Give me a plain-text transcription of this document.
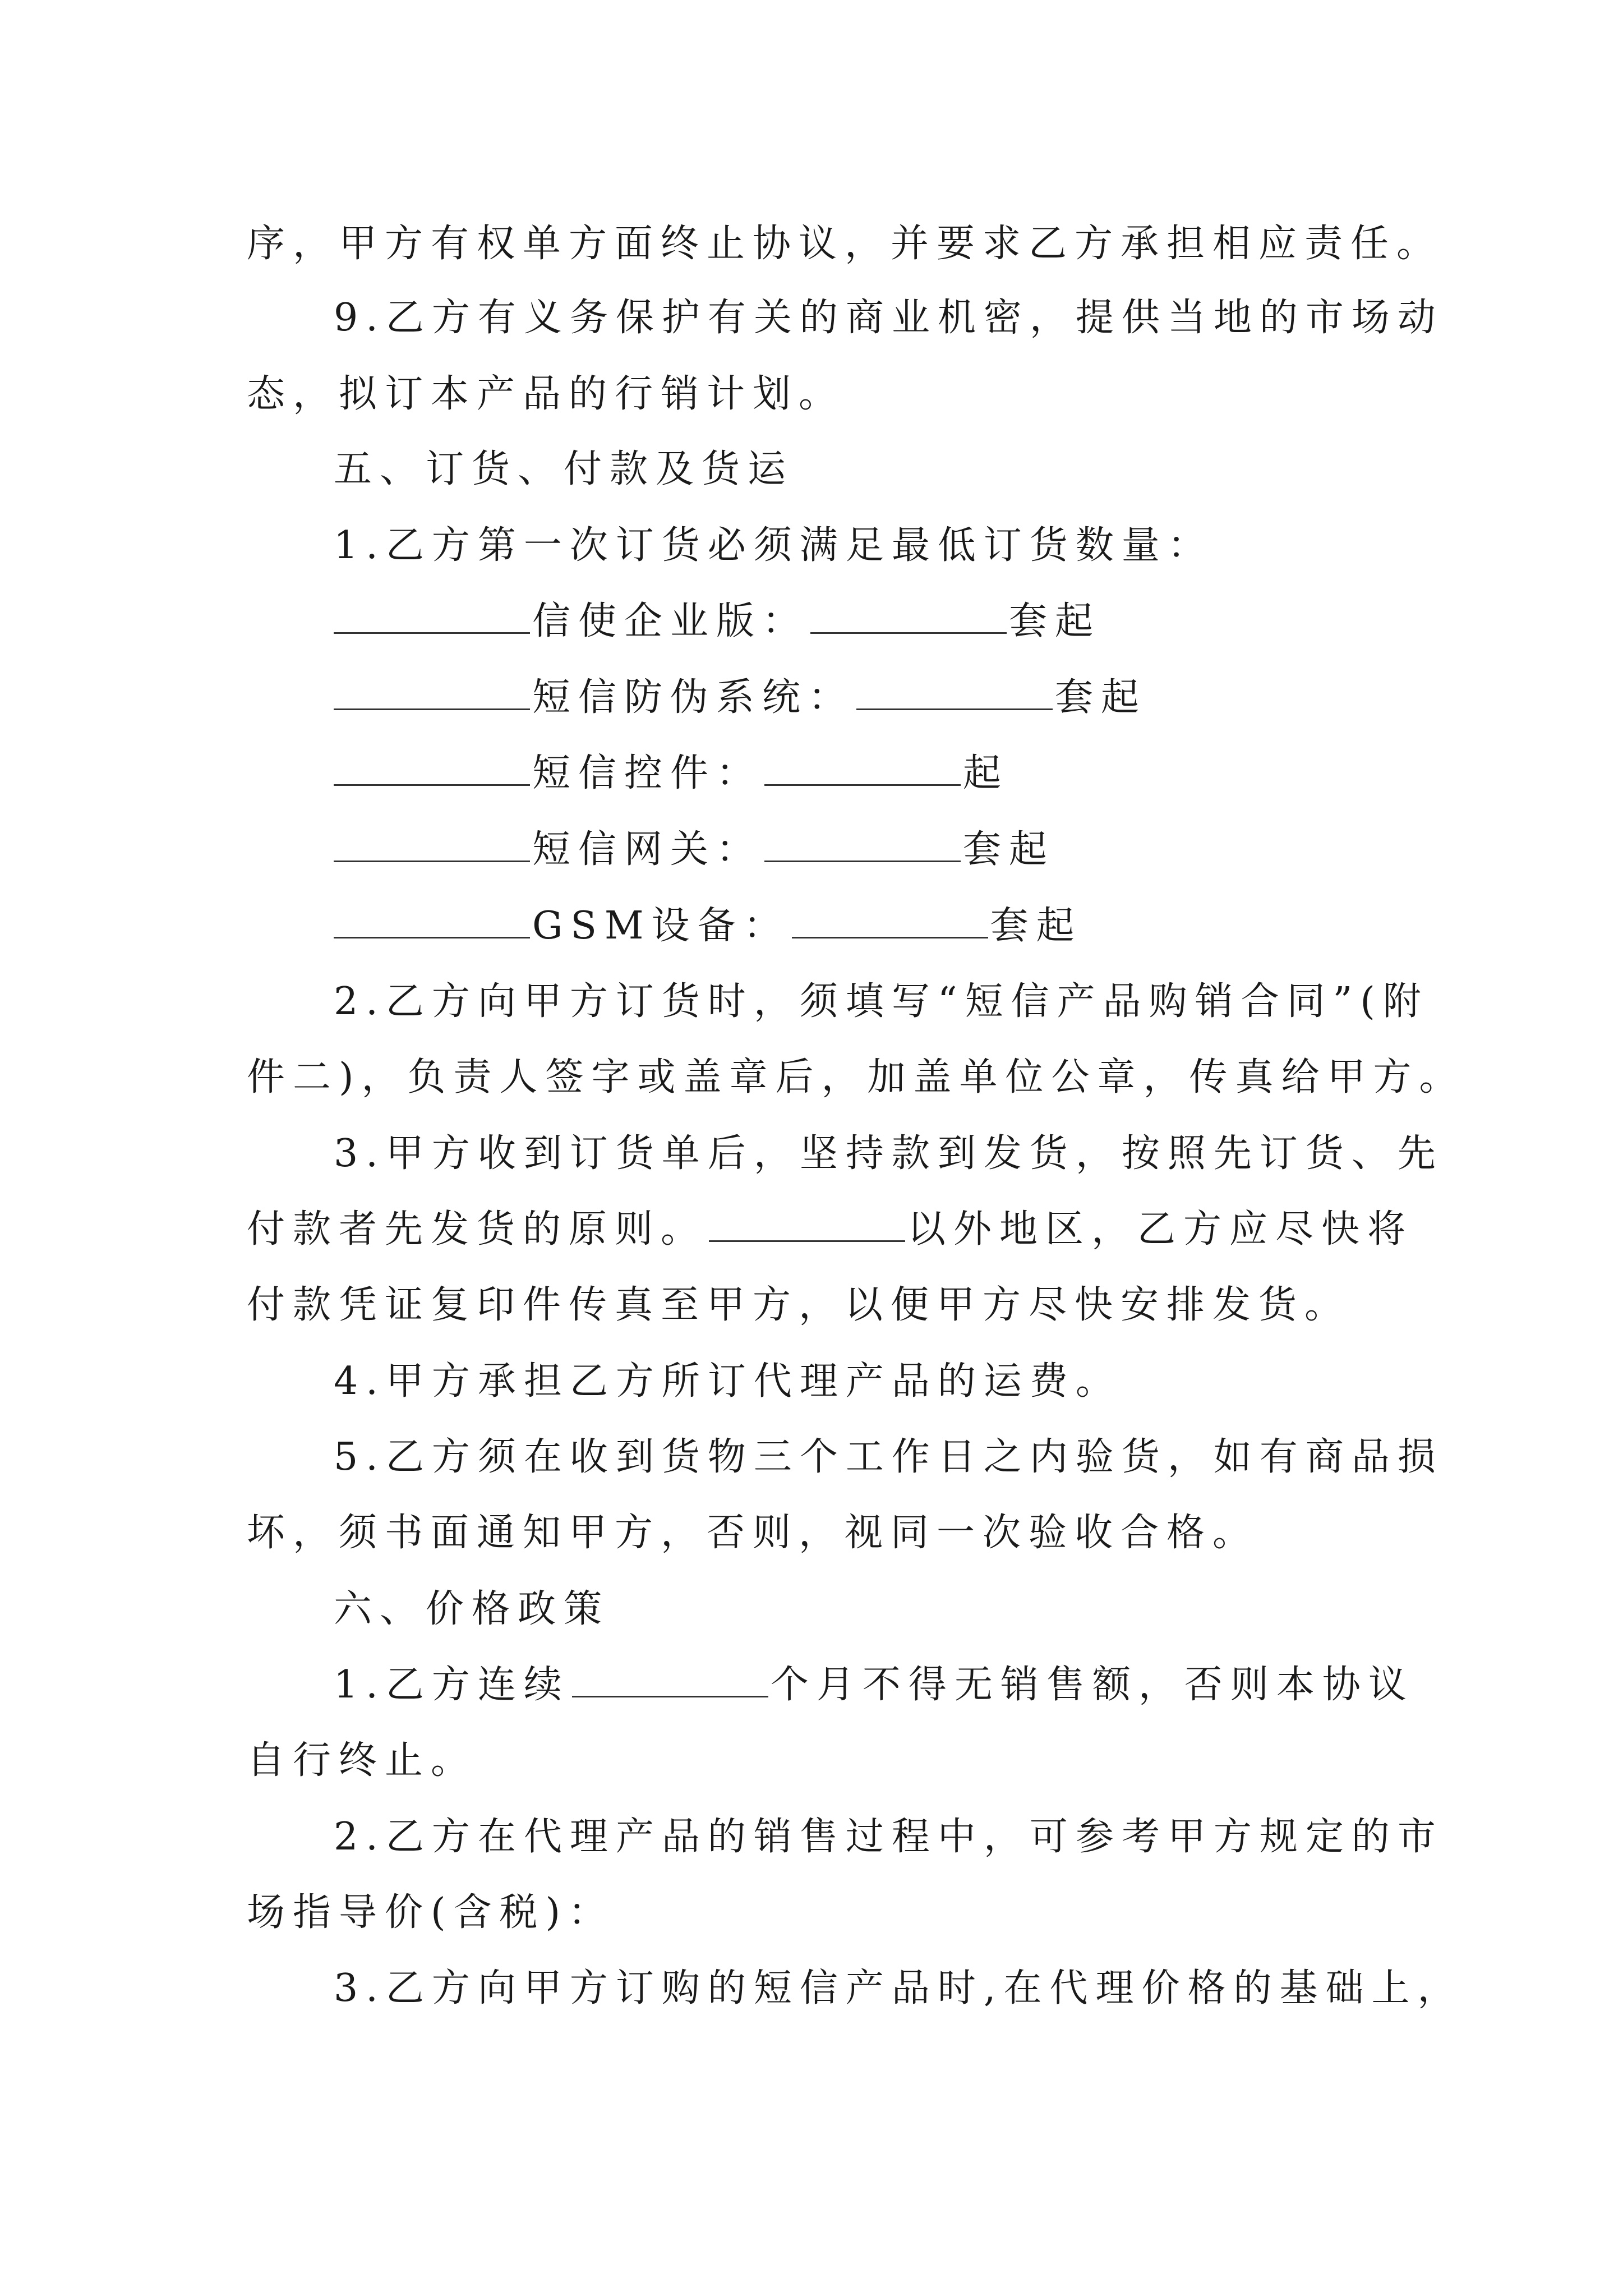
序，甲方有权单方面终止协议，并要求乙方承担相应责任。
9.乙方有义务保护有关的商业机密，提供当地的市场动
态，拟订本产品的行销计划。
五、订货、付款及货运
1.乙方第一次订货必须满足最低订货数量：
信使企业版：	套起
短信防伪系统：	套起
短信控件：	起
短信网关：	套起
GSM设备：	套起
2.乙方向甲方订货时，须填写“短信产品购销合同”(附
件二)，负责人签字或盖章后，加盖单位公章，传真给甲方。
3.甲方收到订货单后，坚持款到发货，按照先订货、先
付款者先发货的原则。	以外地区，乙方应尽快将
付款凭证复印件传真至甲方，以便甲方尽快安排发货。
4.甲方承担乙方所订代理产品的运费。
5.乙方须在收到货物三个工作日之内验货，如有商品损
坏，须书面通知甲方，否则，视同一次验收合格。
六、价格政策
1.乙方连续	个月不得无销售额，否则本协议
自行终止。
2.乙方在代理产品的销售过程中，可参考甲方规定的市
场指导价(含税)：
3.乙方向甲方订购的短信产品时,在代理价格的基础上，
